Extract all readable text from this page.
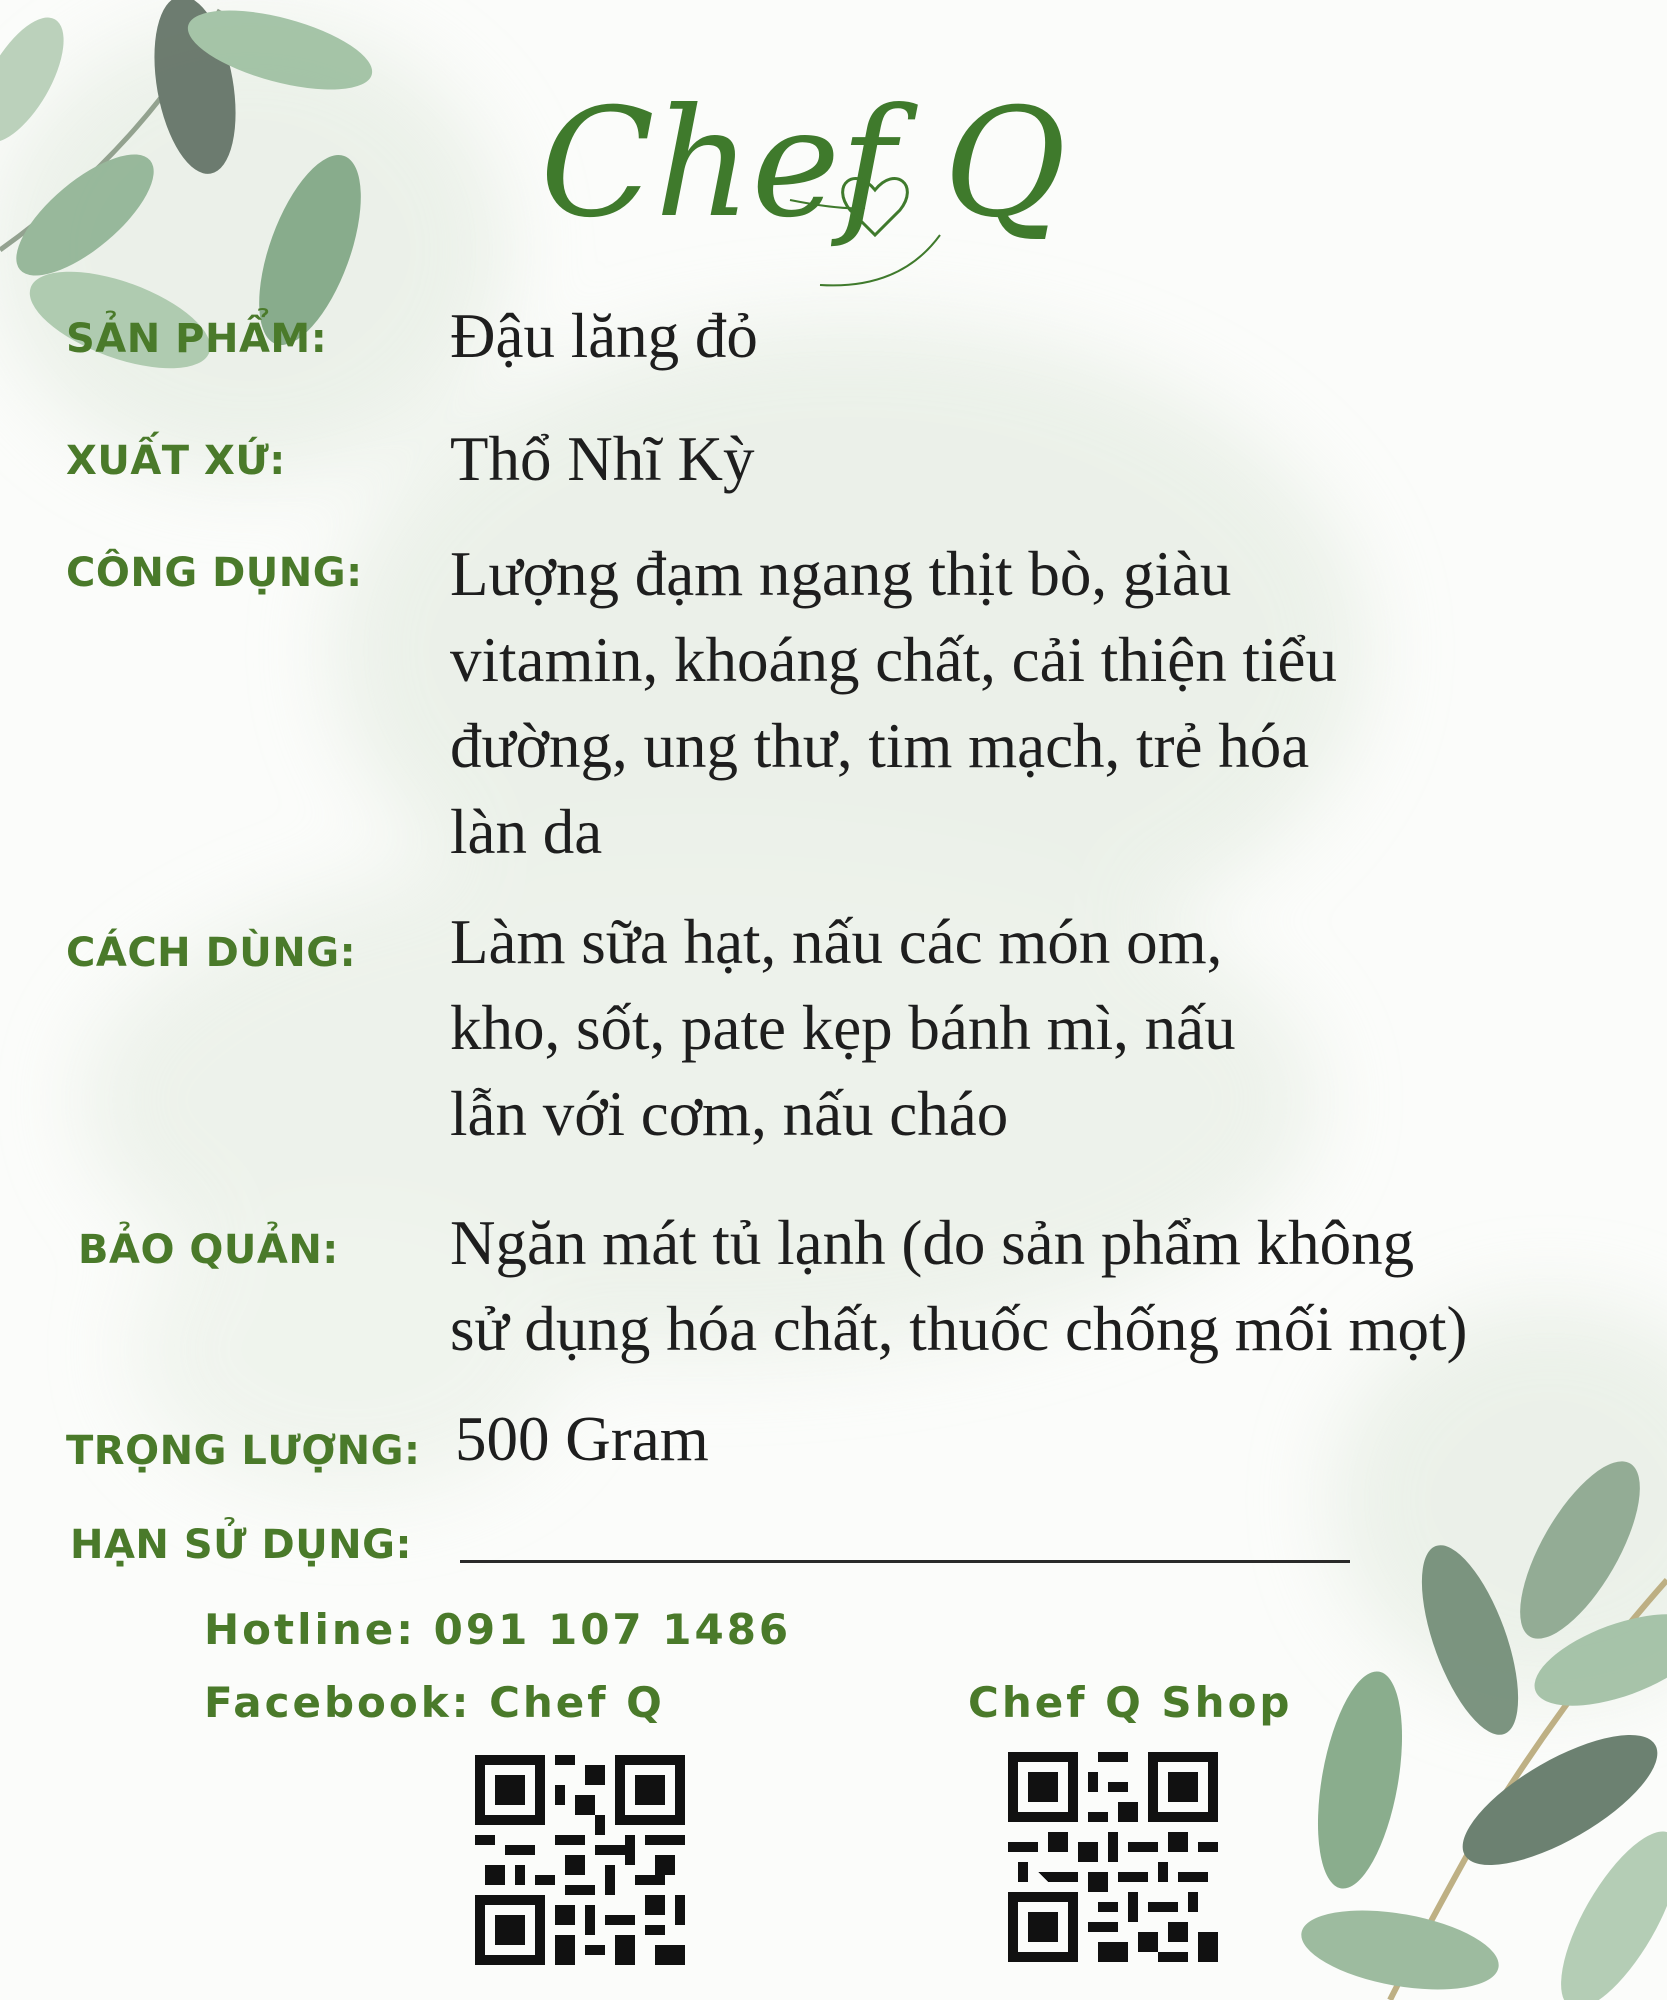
Chef Q
SẢN PHẨM:
XUẤT XỨ:
CÔNG DỤNG:
CÁCH DÙNG:
BẢO QUẢN:
TRỌNG LƯỢNG:
HẠN SỬ DỤNG:
Đậu lăng đỏ
Thổ Nhĩ Kỳ
Lượng đạm ngang thịt bò, giàu
vitamin, khoáng chất, cải thiện tiểu
đường, ung thư, tim mạch, trẻ hóa
làn da
Làm sữa hạt, nấu các món om,
kho, sốt, pate kẹp bánh mì, nấu
lẫn với cơm, nấu cháo
Ngăn mát tủ lạnh (do sản phẩm không
sử dụng hóa chất, thuốc chống mối mọt)
500 Gram
Hotline: 091 107 1486
Facebook: Chef Q	Chef Q Shop
